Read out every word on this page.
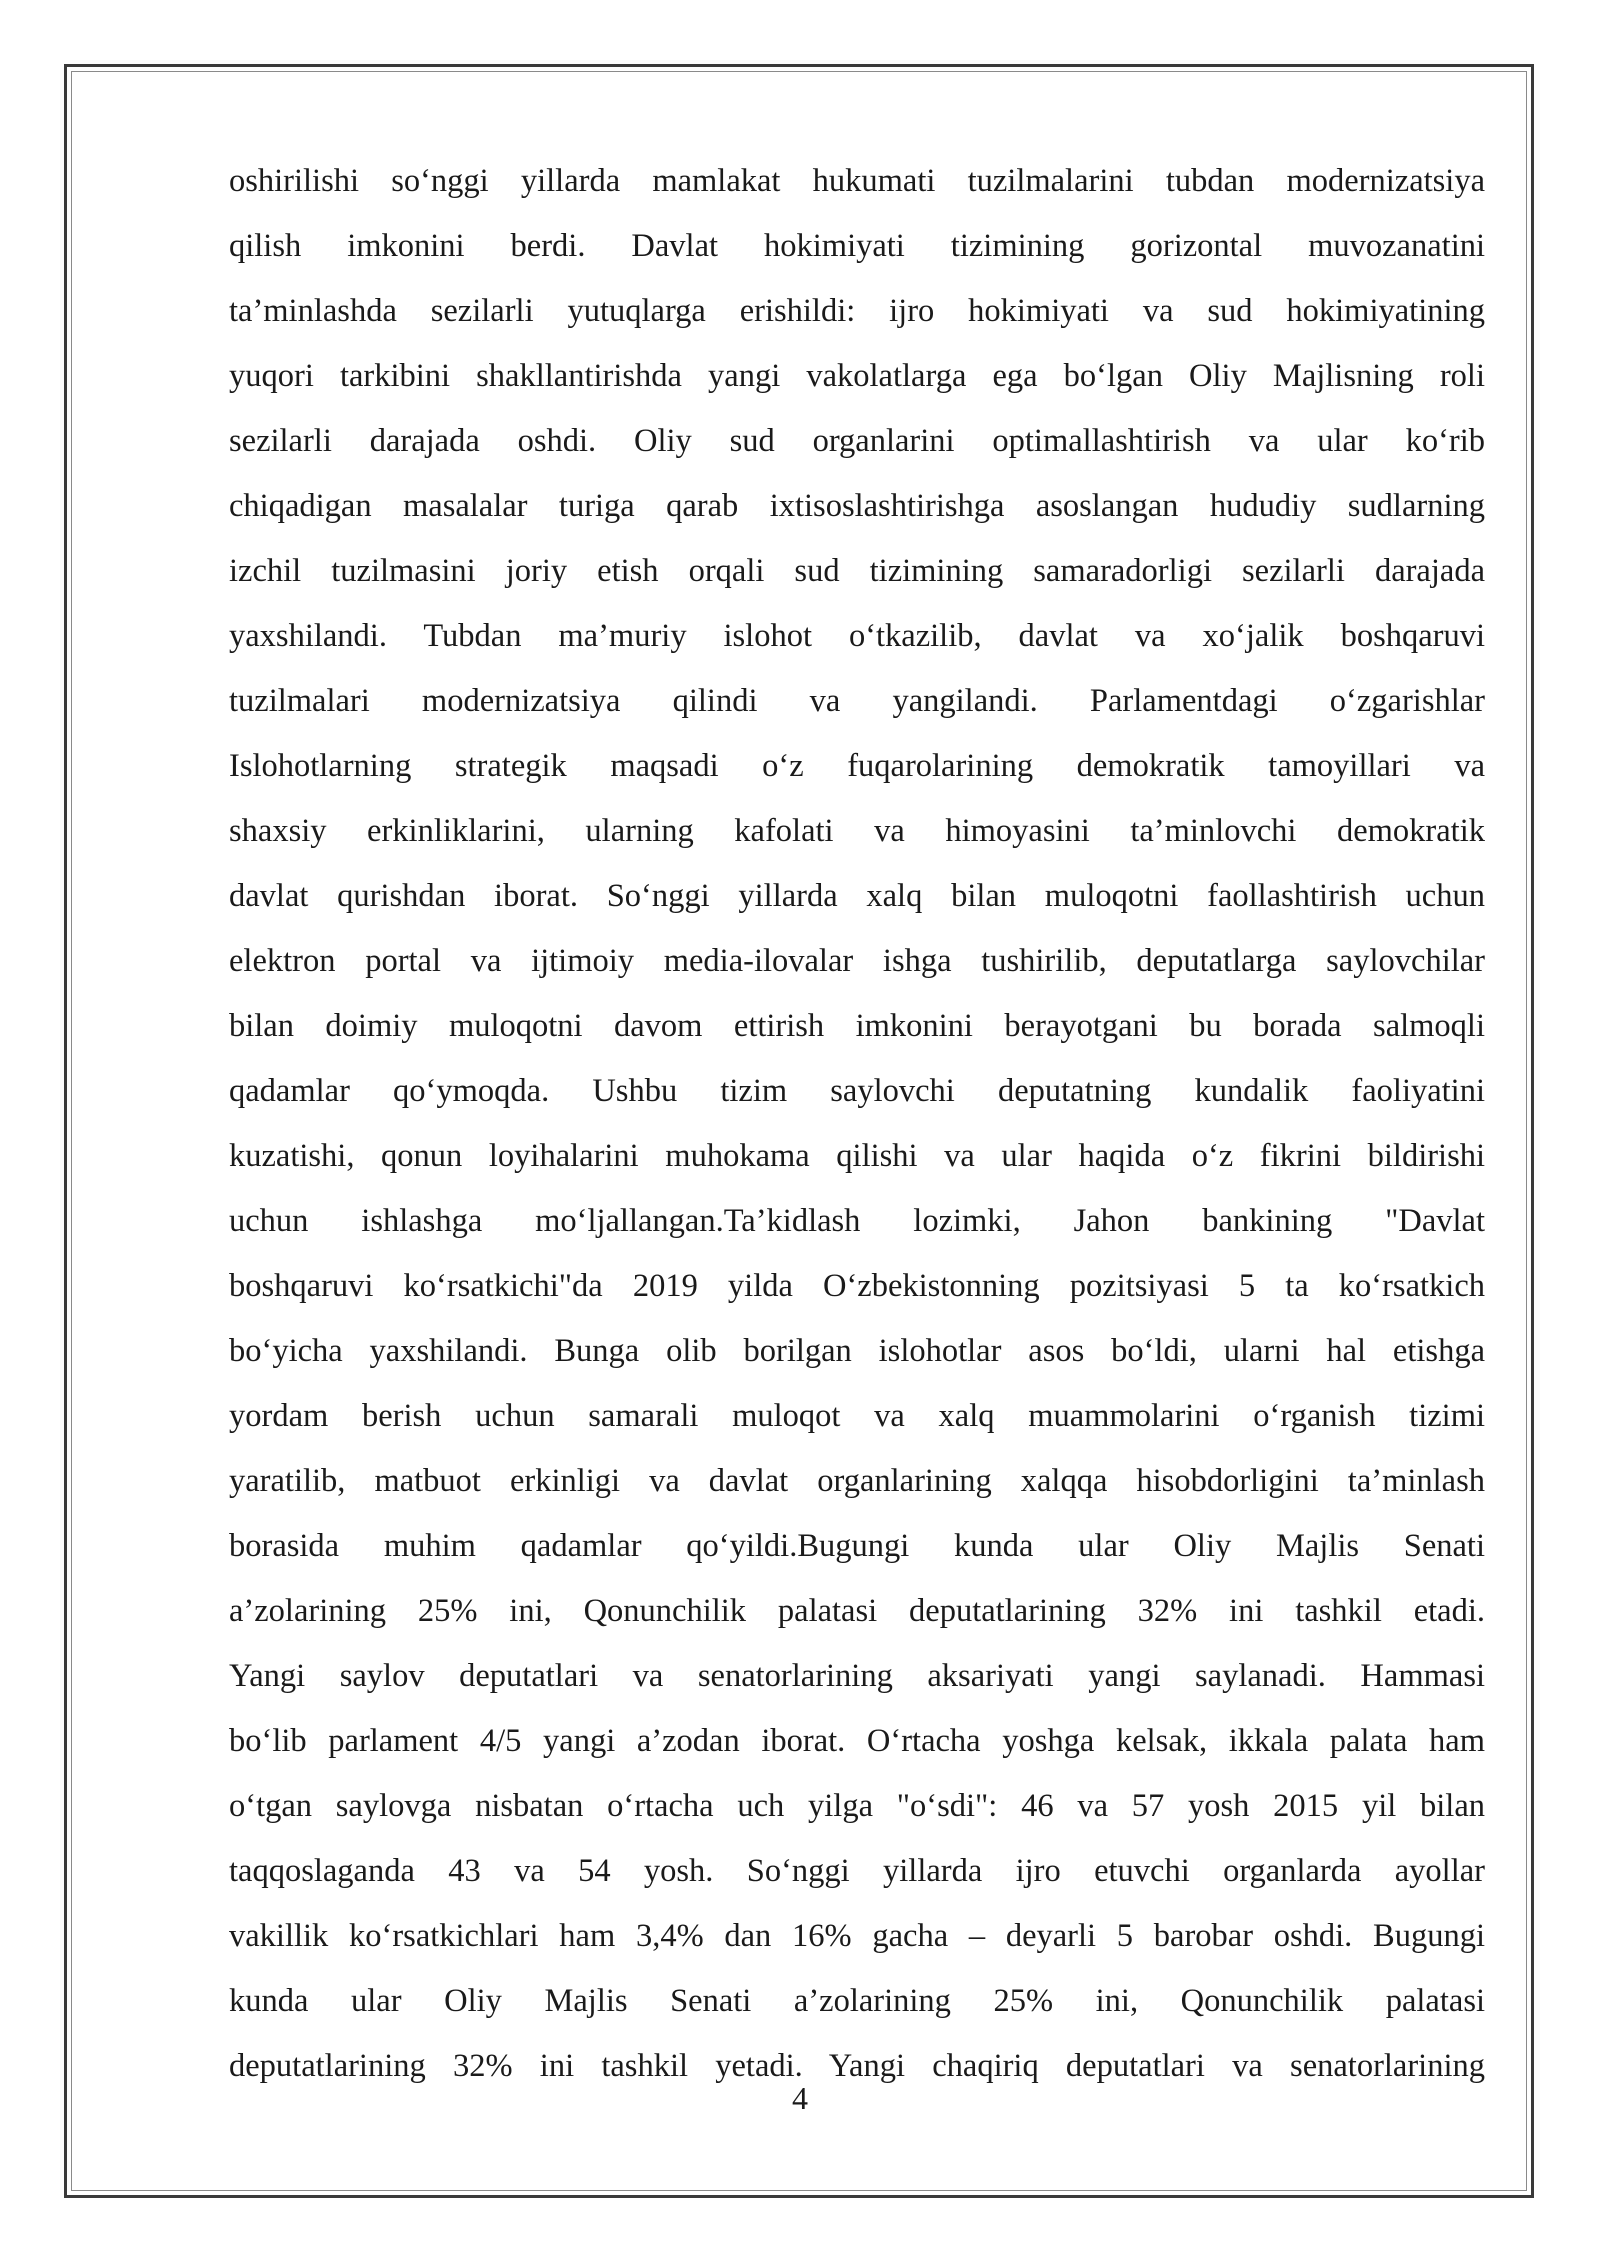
oshirilishi so‘nggi yillarda mamlakat hukumati tuzilmalarini tubdan modernizatsiya
qilish imkonini berdi. Davlat hokimiyati tizimining gorizontal muvozanatini
ta’minlashda sezilarli yutuqlarga erishildi: ijro hokimiyati va sud hokimiyatining
yuqori tarkibini shakllantirishda yangi vakolatlarga ega bo‘lgan Oliy Majlisning roli
sezilarli darajada oshdi. Oliy sud organlarini optimallashtirish va ular ko‘rib
chiqadigan masalalar turiga qarab ixtisoslashtirishga asoslangan hududiy sudlarning
izchil tuzilmasini joriy etish orqali sud tizimining samaradorligi sezilarli darajada
yaxshilandi. Tubdan ma’muriy islohot o‘tkazilib, davlat va xo‘jalik boshqaruvi
tuzilmalari modernizatsiya qilindi va yangilandi. Parlamentdagi o‘zgarishlar
Islohotlarning strategik maqsadi o‘z fuqarolarining demokratik tamoyillari va
shaxsiy erkinliklarini, ularning kafolati va himoyasini ta’minlovchi demokratik
davlat qurishdan iborat. So‘nggi yillarda xalq bilan muloqotni faollashtirish uchun
elektron portal va ijtimoiy media-ilovalar ishga tushirilib, deputatlarga saylovchilar
bilan doimiy muloqotni davom ettirish imkonini berayotgani bu borada salmoqli
qadamlar qo‘ymoqda. Ushbu tizim saylovchi deputatning kundalik faoliyatini
kuzatishi, qonun loyihalarini muhokama qilishi va ular haqida o‘z fikrini bildirishi
uchun ishlashga mo‘ljallangan.Ta’kidlash lozimki, Jahon bankining "Davlat
boshqaruvi ko‘rsatkichi"da 2019 yilda O‘zbekistonning pozitsiyasi 5 ta ko‘rsatkich
bo‘yicha yaxshilandi. Bunga olib borilgan islohotlar asos bo‘ldi, ularni hal etishga
yordam berish uchun samarali muloqot va xalq muammolarini o‘rganish tizimi
yaratilib, matbuot erkinligi va davlat organlarining xalqqa hisobdorligini ta’minlash
borasida muhim qadamlar qo‘yildi.Bugungi kunda ular Oliy Majlis Senati
a’zolarining 25% ini, Qonunchilik palatasi deputatlarining 32% ini tashkil etadi.
Yangi saylov deputatlari va senatorlarining aksariyati yangi saylanadi. Hammasi
bo‘lib parlament 4/5 yangi a’zodan iborat. O‘rtacha yoshga kelsak, ikkala palata ham
o‘tgan saylovga nisbatan o‘rtacha uch yilga "o‘sdi": 46 va 57 yosh 2015 yil bilan
taqqoslaganda 43 va 54 yosh. So‘nggi yillarda ijro etuvchi organlarda ayollar
vakillik ko‘rsatkichlari ham 3,4% dan 16% gacha – deyarli 5 barobar oshdi. Bugungi
kunda ular Oliy Majlis Senati a’zolarining 25% ini, Qonunchilik palatasi
deputatlarining 32% ini tashkil yetadi. Yangi chaqiriq deputatlari va senatorlarining
4
